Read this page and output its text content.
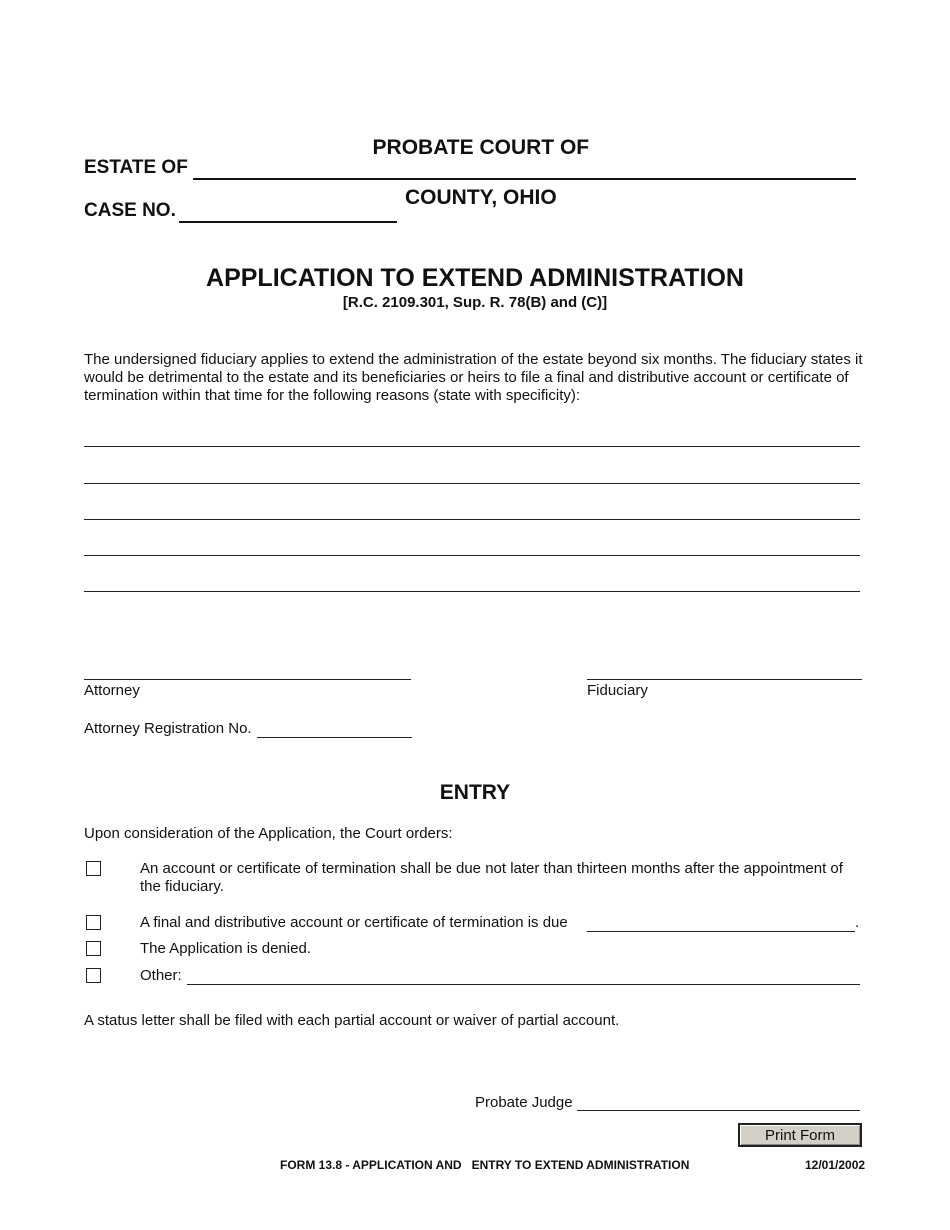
PROBATE COURT OF

COUNTY, OHIO

ESTATE OF
CASE NO.
APPLICATION TO EXTEND ADMINISTRATION
[R.C. 2109.301, Sup. R. 78(B) and (C)]
The undersigned fiduciary applies to extend the administration of the estate beyond six months. The fiduciary states it would be detrimental to the estate and its beneficiaries or heirs to file a final and distributive account or certificate of termination within that time for the following reasons (state with specificity):
Attorney	Fiduciary
Attorney Registration No.
ENTRY
Upon consideration of the Application, the Court orders:
An account or certificate of termination shall be due not later than thirteen months after the appointment of the fiduciary.
A final and distributive account or certificate of termination is due	.
The Application is denied.
Other:
A status letter shall be filed with each partial account or waiver of partial account.
Probate Judge
Print Form
FORM 13.8 - APPLICATION AND   ENTRY TO EXTEND ADMINISTRATION	12/01/2002
